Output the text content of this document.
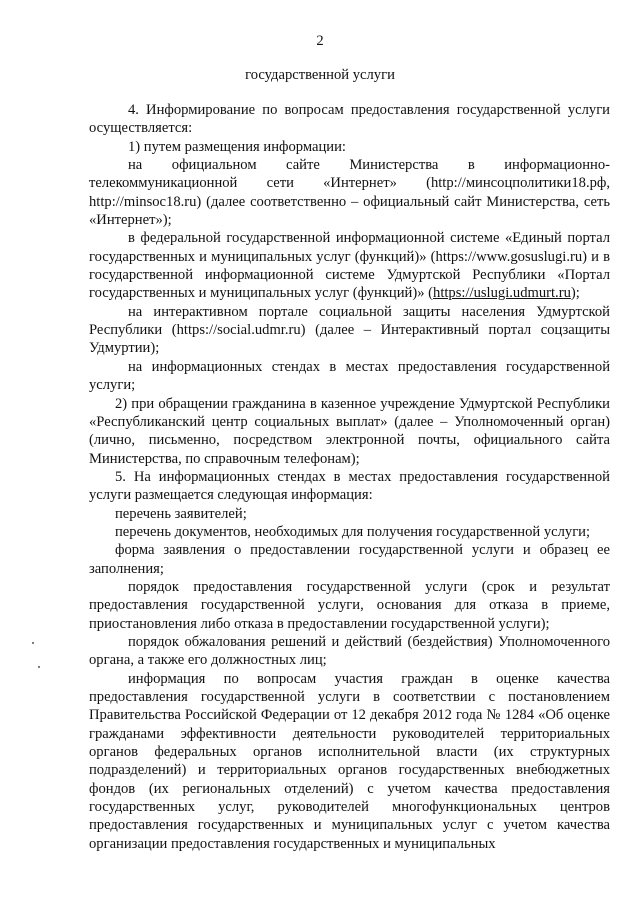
2
государственной услуги

4. Информирование по вопросам предоставления государственной услуги осуществляется:

1) путем размещения информации:

на официальном сайте Министерства в информационно-телекоммуникационной сети «Интернет» (http://минсоцполитики18.рф, http://minsoc18.ru) (далее соответственно – официальный сайт Министерства, сеть «Интернет»);

в федеральной государственной информационной системе «Единый портал государственных и муниципальных услуг (функций)» (https://www.gosuslugi.ru) и в государственной информационной системе Удмуртской Республики «Портал государственных и муниципальных услуг (функций)» (https://uslugi.udmurt.ru);

на интерактивном портале социальной защиты населения Удмуртской Республики (https://social.udmr.ru) (далее – Интерактивный портал соцзащиты Удмуртии);

на информационных стендах в местах предоставления государственной услуги;

2) при обращении гражданина в казенное учреждение Удмуртской Республики «Республиканский центр социальных выплат» (далее – Уполномоченный орган) (лично, письменно, посредством электронной почты, официального сайта Министерства, по справочным телефонам);

5. На информационных стендах в местах предоставления государственной услуги размещается следующая информация:

перечень заявителей;

перечень документов, необходимых для получения государственной услуги;

форма заявления о предоставлении государственной услуги и образец ее заполнения;

порядок предоставления государственной услуги (срок и результат предоставления государственной услуги, основания для отказа в приеме, приостановления либо отказа в предоставлении государственной услуги);

порядок обжалования решений и действий (бездействия) Уполномоченного органа, а также его должностных лиц;

информация по вопросам участия граждан в оценке качества предоставления государственной услуги в соответствии с постановлением Правительства Российской Федерации от 12 декабря 2012 года № 1284 «Об оценке гражданами эффективности деятельности руководителей территориальных органов федеральных органов исполнительной власти (их структурных подразделений) и территориальных органов государственных внебюджетных фондов (их региональных отделений) с учетом качества предоставления государственных услуг, руководителей многофункциональных центров предоставления государственных и муниципальных услуг с учетом качества организации предоставления государственных и муниципальных
